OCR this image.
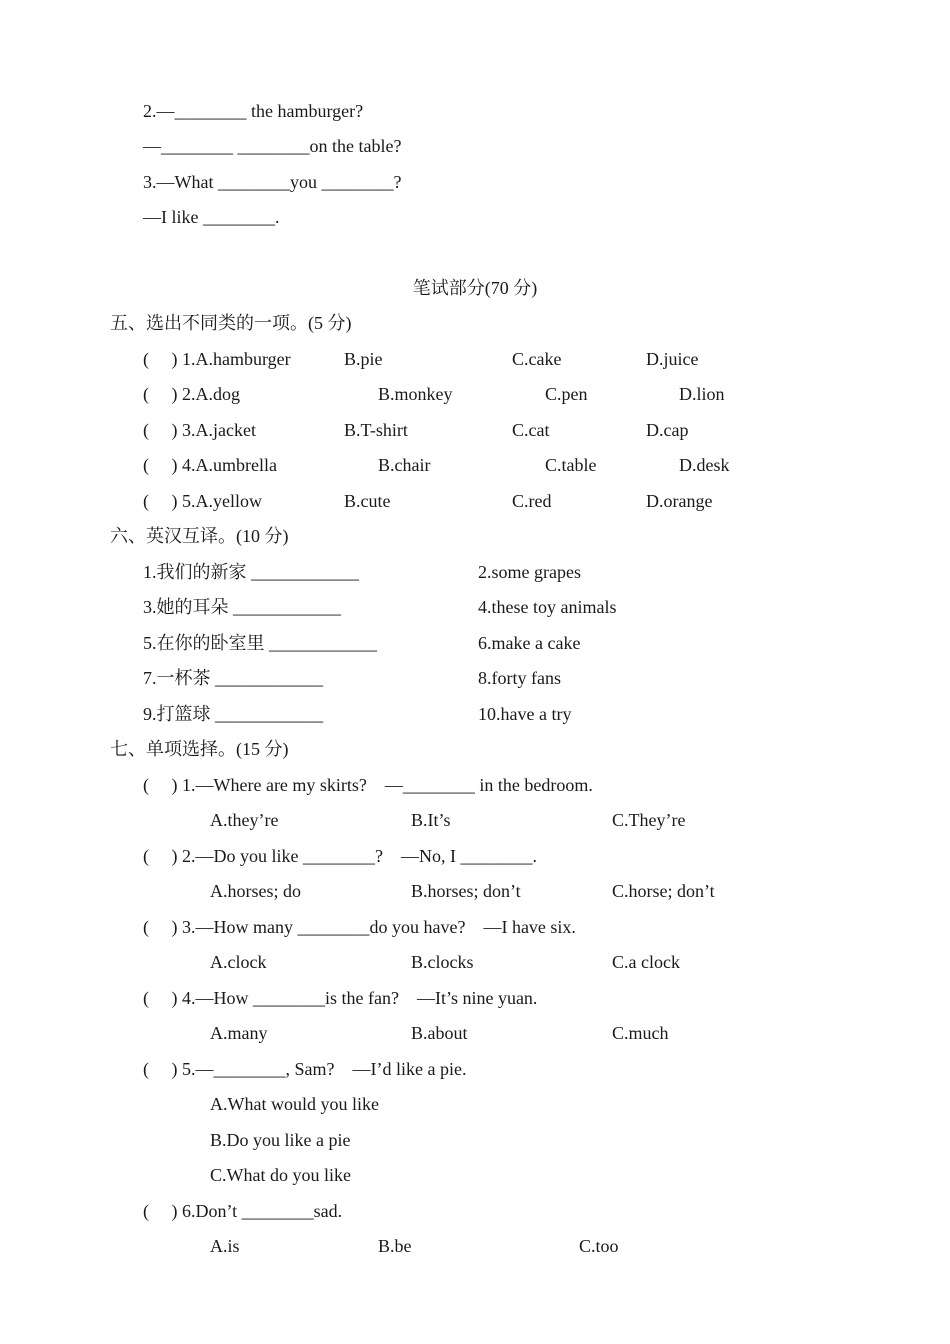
2.—________ the hamburger?
—________ ________on the table?
3.—What ________you ________?
—I like ________.
笔试部分(70 分)
五、选出不同类的一项。(5 分)
(     ) 1.A.hamburger	B.pie	C.cake	D.juice
(     ) 2.A.dog	B.monkey	C.pen	D.lion
(     ) 3.A.jacket	B.T-shirt	C.cat	D.cap
(     ) 4.A.umbrella	B.chair	C.table	D.desk
(     ) 5.A.yellow	B.cute	C.red	D.orange
六、英汉互译。(10 分)
1.我们的新家 ____________	2.some grapes
3.她的耳朵 ____________	4.these toy animals
5.在你的卧室里 ____________	6.make a cake
7.一杯茶 ____________	8.forty fans
9.打篮球 ____________	10.have a try
七、单项选择。(15 分)
(     ) 1.—Where are my skirts?    —________ in the bedroom.
A.they’re	B.It’s	C.They’re
(     ) 2.—Do you like ________?    —No, I ________.
A.horses; do	B.horses; don’t	C.horse; don’t
(     ) 3.—How many ________do you have?    —I have six.
A.clock	B.clocks	C.a clock
(     ) 4.—How ________is the fan?    —It’s nine yuan.
A.many	B.about	C.much
(     ) 5.—________, Sam?    —I’d like a pie.
A.What would you like
B.Do you like a pie
C.What do you like
(     ) 6.Don’t ________sad.
A.is	B.be	C.too
